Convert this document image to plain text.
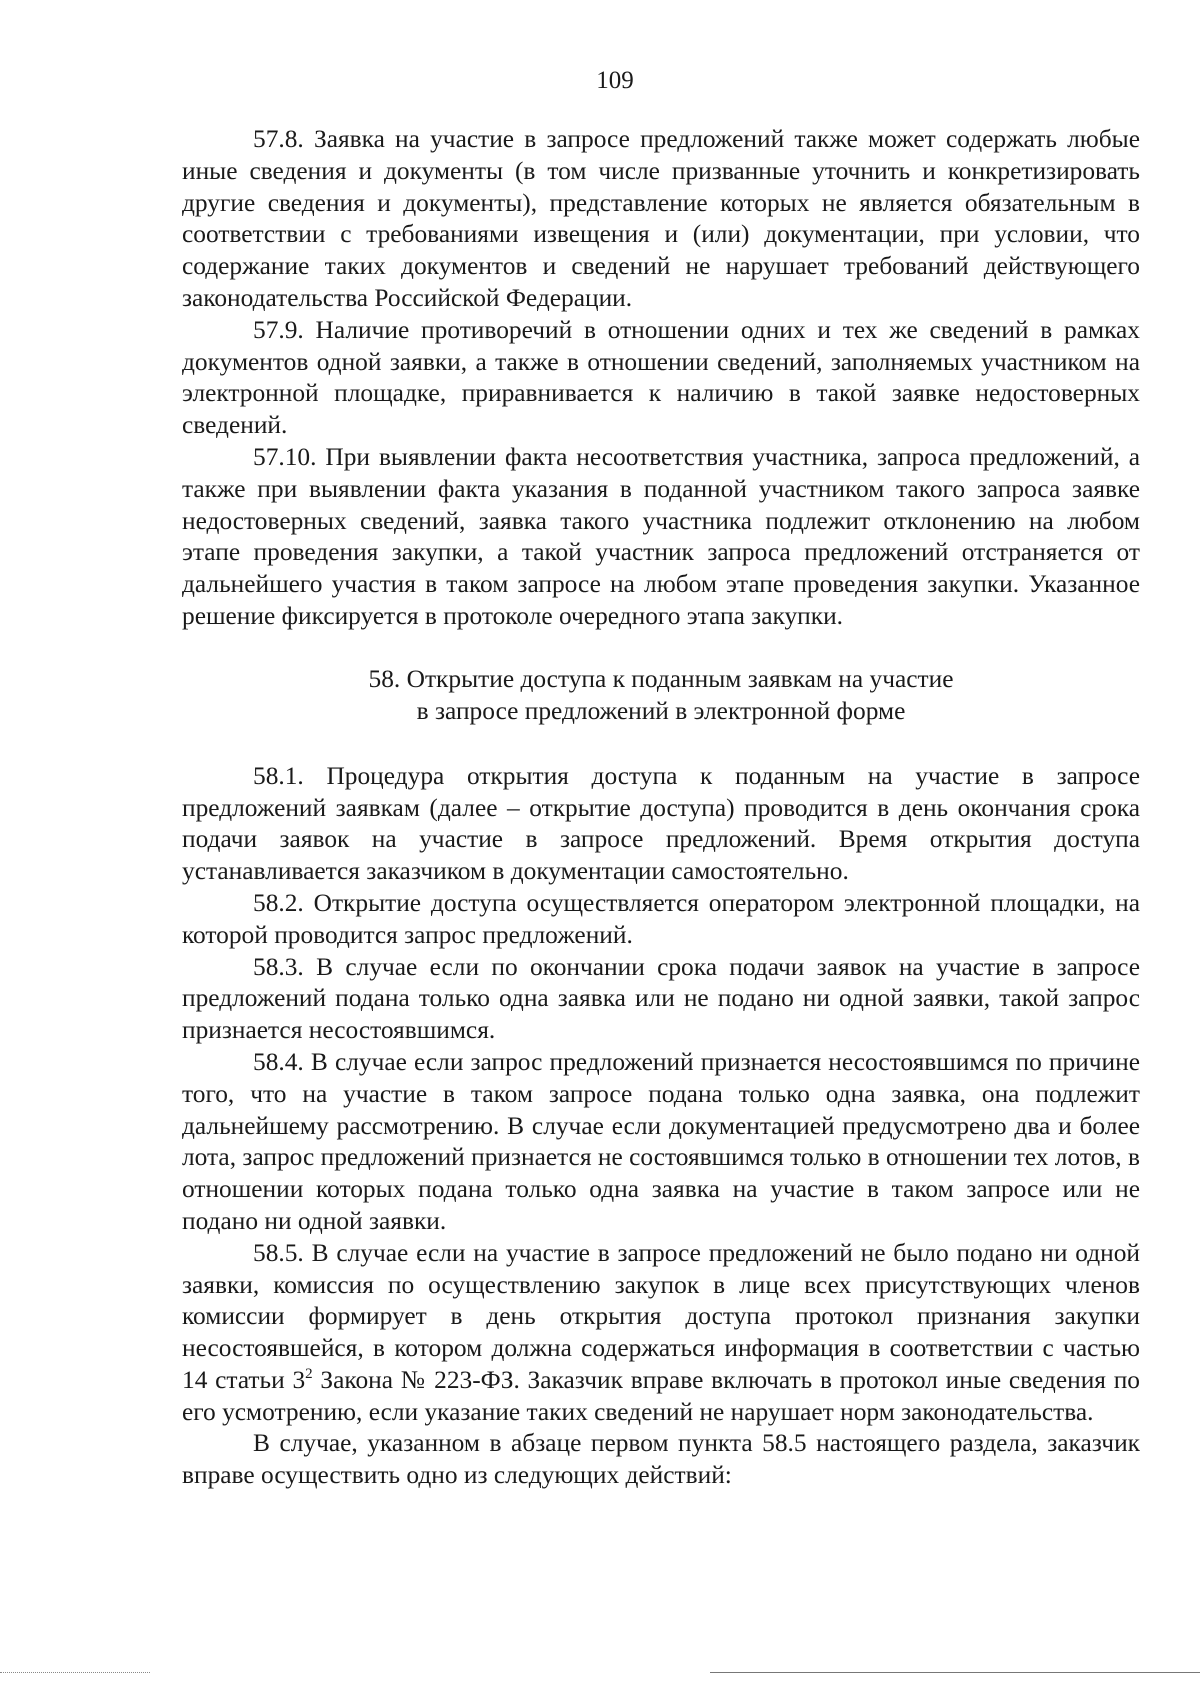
109

57.8. Заявка на участие в запросе предложений также может содержать любые иные сведения и документы (в том числе призванные уточнить и конкретизировать другие сведения и документы), представление которых не является обязательным в соответствии с требованиями извещения и (или) документации, при условии, что содержание таких документов и сведений не нарушает требований действующего законодательства Российской Федерации.

57.9. Наличие противоречий в отношении одних и тех же сведений в рамках документов одной заявки, а также в отношении сведений, заполняемых участником на электронной площадке, приравнивается к наличию в такой заявке недостоверных сведений.

57.10. При выявлении факта несоответствия участника, запроса предложений, а также при выявлении факта указания в поданной участником такого запроса заявке недостоверных сведений, заявка такого участника подлежит отклонению на любом этапе проведения закупки, а такой участник запроса предложений отстраняется от дальнейшего участия в таком запросе на любом этапе проведения закупки. Указанное решение фиксируется в протоколе очередного этапа закупки.

58. Открытие доступа к поданным заявкам на участие
в запросе предложений в электронной форме

58.1. Процедура открытия доступа к поданным на участие в запросе предложений заявкам (далее – открытие доступа) проводится в день окончания срока подачи заявок на участие в запросе предложений. Время открытия доступа устанавливается заказчиком в документации самостоятельно.

58.2. Открытие доступа осуществляется оператором электронной площадки, на которой проводится запрос предложений.

58.3. В случае если по окончании срока подачи заявок на участие в запросе предложений подана только одна заявка или не подано ни одной заявки, такой запрос признается несостоявшимся.

58.4. В случае если запрос предложений признается несостоявшимся по причине того, что на участие в таком запросе подана только одна заявка, она подлежит дальнейшему рассмотрению. В случае если документацией предусмотрено два и более лота, запрос предложений признается не состоявшимся только в отношении тех лотов, в отношении которых подана только одна заявка на участие в таком запросе или не подано ни одной заявки.

58.5. В случае если на участие в запросе предложений не было подано ни одной заявки, комиссия по осуществлению закупок в лице всех присутствующих членов комиссии формирует в день открытия доступа протокол признания закупки несостоявшейся, в котором должна содержаться информация в соответствии с частью 14 статьи $3^2$ Закона № 223-ФЗ. Заказчик вправе включать в протокол иные сведения по его усмотрению, если указание таких сведений не нарушает норм законодательства.

В случае, указанном в абзаце первом пункта 58.5 настоящего раздела, заказчик вправе осуществить одно из следующих действий:
